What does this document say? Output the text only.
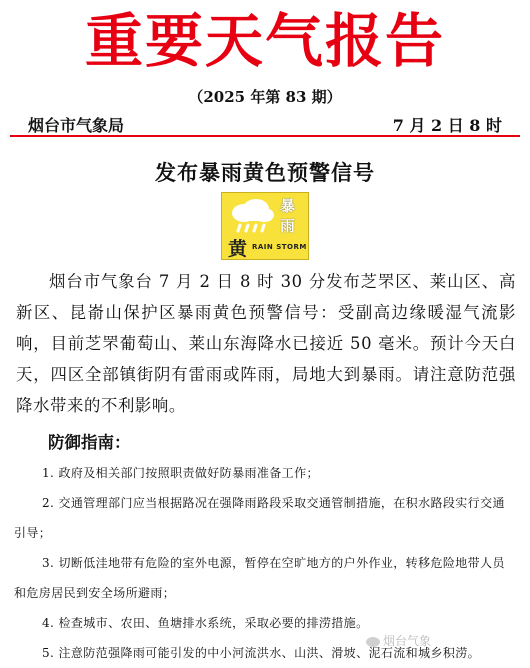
重要天气报告
（2025 年第 83 期）
烟台市气象局	7 月 2 日 8 时
发布暴雨黄色预警信号
暴
雨
黄 RAIN STORM
烟台市气象台 7 月 2 日 8 时 30 分发布芝罘区、莱山区、高新区、昆嵛山保护区暴雨黄色预警信号：受副高边缘暖湿气流影响，目前芝罘葡萄山、莱山东海降水已接近 50 毫米。预计今天白天，四区全部镇街阴有雷雨或阵雨，局地大到暴雨。请注意防范强降水带来的不利影响。
防御指南：
1. 政府及相关部门按照职责做好防暴雨准备工作；
2. 交通管理部门应当根据路况在强降雨路段采取交通管制措施，在积水路段实行交通引导；
3. 切断低洼地带有危险的室外电源，暂停在空旷地方的户外作业，转移危险地带人员和危房居民到安全场所避雨；
4. 检查城市、农田、鱼塘排水系统，采取必要的排涝措施。
5. 注意防范强降雨可能引发的中小河流洪水、山洪、滑坡、泥石流和城乡积涝。
烟台气象
